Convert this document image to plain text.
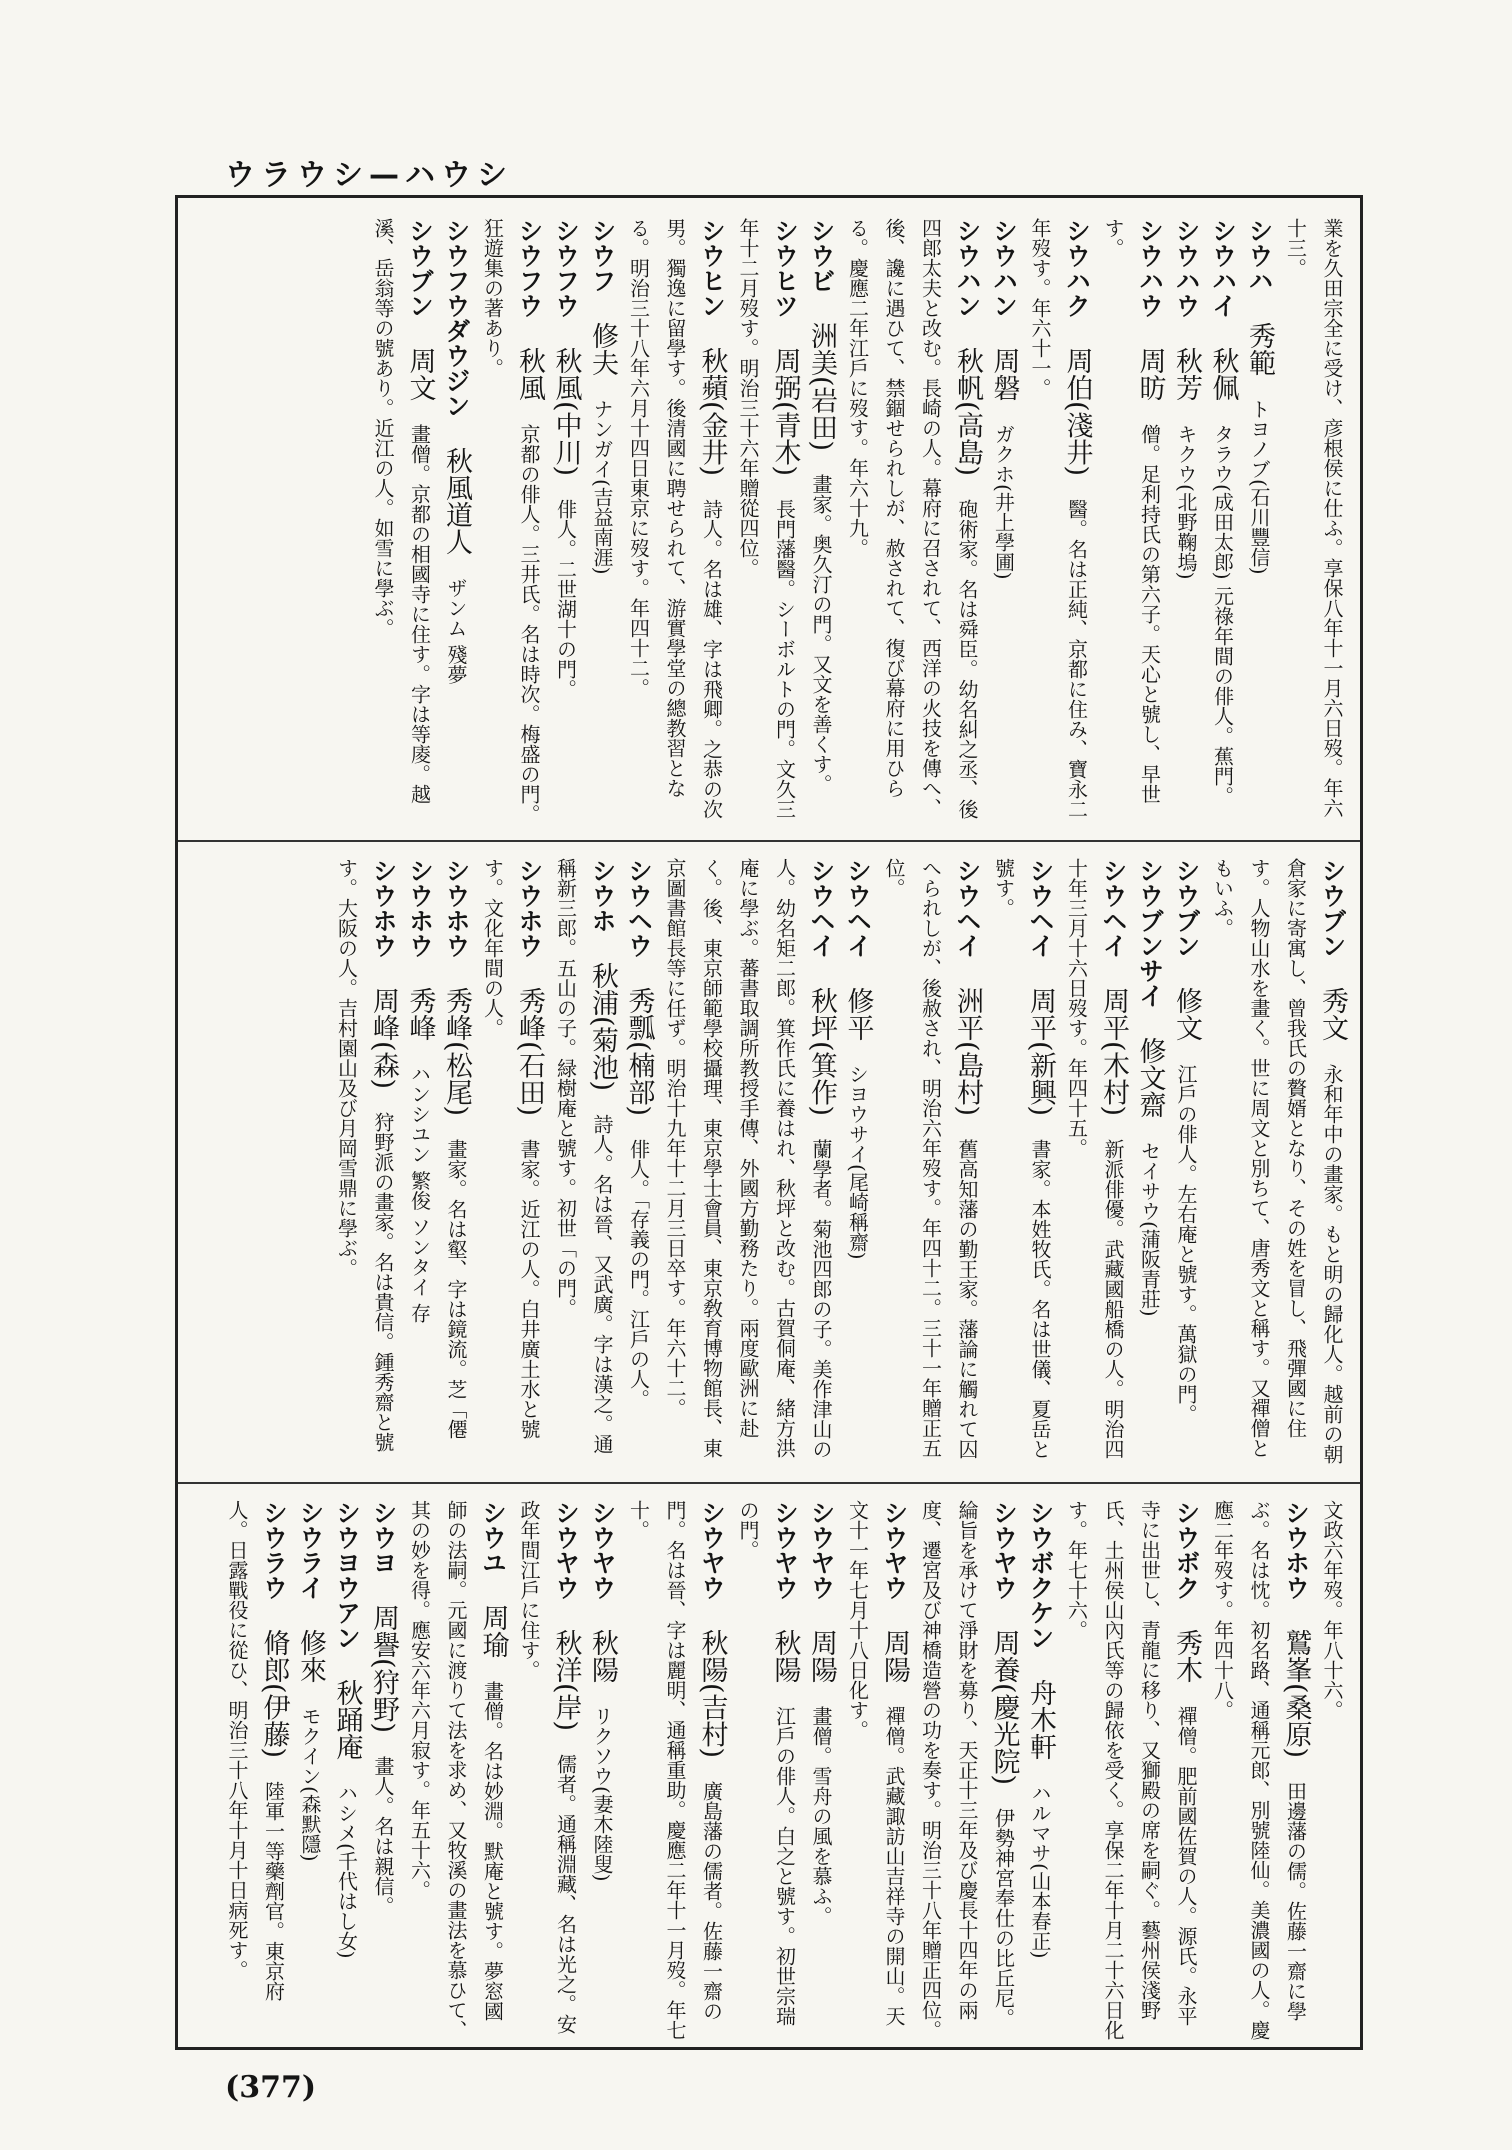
ウラウシ—ハウシ

業を久田宗全に受け、彦根侯に仕ふ。享保八年十一月六日歿。年六十三。

シウハ　秀範　トヨノブ(石川豐信)

シウハイ　秋佩　タラウ(成田太郎) 元祿年間の俳人。蕉門。

シウハウ　秋芳　キクウ(北野鞠塢)

シウハウ　周昉　僧。足利持氏の第六子。天心と號し、早世す。

シウハク　周伯(淺井)　醫。名は正純、京都に住み、寶永二年歿す。年六十一。

シウハン　周磐　ガクホ(井上學圃)

シウハン　秋帆(高島)　砲術家。名は舜臣。幼名糾之丞、後四郎太夫と改む。長崎の人。幕府に召されて、西洋の火技を傳へ、後、讒に遇ひて、禁錮せられしが、赦されて、復び幕府に用ひらる。慶應二年江戶に歿す。年六十九。

シウビ　洲美(岩田)　畫家。奥久汀の門。又文を善くす。

シウヒツ　周弼(青木)　長門藩醫。シーボルトの門。文久三年十二月歿す。明治三十六年贈從四位。

シウヒン　秋蘋(金井)　詩人。名は雄、字は飛卿。之恭の次男。獨逸に留學す。後清國に聘せられて、游實學堂の總教習となる。明治三十八年六月十四日東京に歿す。年四十二。

シウフ　修夫　ナンガイ(吉益南涯)

シウフウ　秋風(中川)　俳人。二世湖十の門。

シウフウ　秋風　京都の俳人。三井氏。名は時次。梅盛の門。狂遊集の著あり。

シウフウダウジン　秋風道人　ザンム 殘夢

シウブン　周文　畫僧。京都の相國寺に住す。字は等庱。越溪、岳翁等の號あり。近江の人。如雪に學ぶ。

シウブン　秀文　永和年中の畫家。もと明の歸化人。越前の朝倉家に寄寓し、曾我氏の贅婿となり、その姓を冒し、飛彈國に住す。人物山水を畫く。世に周文と別ちて、唐秀文と稱す。又禪僧ともいふ。

シウブン　修文　江戶の俳人。左右庵と號す。萬獄の門。

シウブンサイ　修文齋　セイサウ(蒲阪青莊)

シウヘイ　周平(木村)　新派俳優。武藏國船橋の人。明治四十年三月十六日歿す。年四十五。

シウヘイ　周平(新興)　書家。本姓牧氏。名は世儀、夏岳と號す。

シウヘイ　洲平(島村)　舊高知藩の勤王家。藩論に觸れて囚へられしが、後赦され、明治六年歿す。年四十二。三十一年贈正五位。

シウヘイ　修平　シヨウサイ(尾崎稱齋)

シウヘイ　秋坪(箕作)　蘭學者。菊池四郎の子。美作津山の人。幼名矩二郎。箕作氏に養はれ、秋坪と改む。古賀侗庵、緒方洪庵に學ぶ。蕃書取調所教授手傳、外國方勤務たり。兩度歐洲に赴く。後、東京師範學校攝理、東京學士會員、東京敎育博物館長、東京圖書館長等に任ず。明治十九年十二月三日卒す。年六十二。

シウヘウ　秀瓢(楠部)　俳人。「存義の門。江戶の人。

シウホ　秋浦(菊池)　詩人。名は晉、又武廣。字は漢之。通稱新三郎。五山の子。緑樹庵と號す。初世「の門。

シウホウ　秀峰(石田)　書家。近江の人。白井廣土水と號す。文化年間の人。

シウホウ　秀峰(松尾)　畫家。名は壑、字は鏡流。芝「僊

シウホウ　秀峰　ハンシユン 繁俊 ソンタイ 存

シウホウ　周峰(森)　狩野派の畫家。名は貴信。鍾秀齋と號す。大阪の人。吉村園山及び月岡雪鼎に學ぶ。

文政六年歿。年八十六。

シウホウ　鷲峯(桑原)　田邊藩の儒。佐藤一齋に學ぶ。名は忱。初名路、通稱元郎、別號陸仙。美濃國の人。慶應二年歿す。年四十八。

シウボク　秀木　禪僧。肥前國佐賀の人。源氏。永平寺に出世し、青龍に移り、又獅殿の席を嗣ぐ。藝州侯淺野氏、土州侯山內氏等の歸依を受く。享保二年十月二十六日化す。年七十六。

シウボクケン　舟木軒　ハルマサ(山本春正)

シウヤウ　周養(慶光院)　伊勢神宮奉仕の比丘尼。綸旨を承けて淨財を募り、天正十三年及び慶長十四年の兩度、遷宮及び神橋造營の功を奏す。明治三十八年贈正四位。

シウヤウ　周陽　禪僧。武藏諏訪山吉祥寺の開山。天文十一年七月十八日化す。

シウヤウ　周陽　畫僧。雪舟の風を慕ふ。

シウヤウ　秋陽　江戶の俳人。白之と號す。初世宗瑞の門。

シウヤウ　秋陽(吉村)　廣島藩の儒者。佐藤一齋の門。名は晉、字は麗明、通稱重助。慶應二年十一月歿。年七十。

シウヤウ　秋陽　リクソウ(妻木陸叟)

シウヤウ　秋洋(岸)　儒者。通稱淵藏、名は光之。安政年間江戶に住す。

シウユ　周瑜　畫僧。名は妙淵。默庵と號す。夢窓國師の法嗣。元國に渡りて法を求め、又牧溪の畫法を慕ひて、其の妙を得。應安六年六月寂す。年五十六。

シウヨ　周譽(狩野)　畫人。名は親信。

シウヨウアン　秋踊庵　ハシメ(千代はし女)

シウライ　修來　モクイン(森默隱)

シウラウ　脩郎(伊藤)　陸軍一等藥劑官。東京府人。日露戰役に從ひ、明治三十八年十月十日病死す。

(377)
